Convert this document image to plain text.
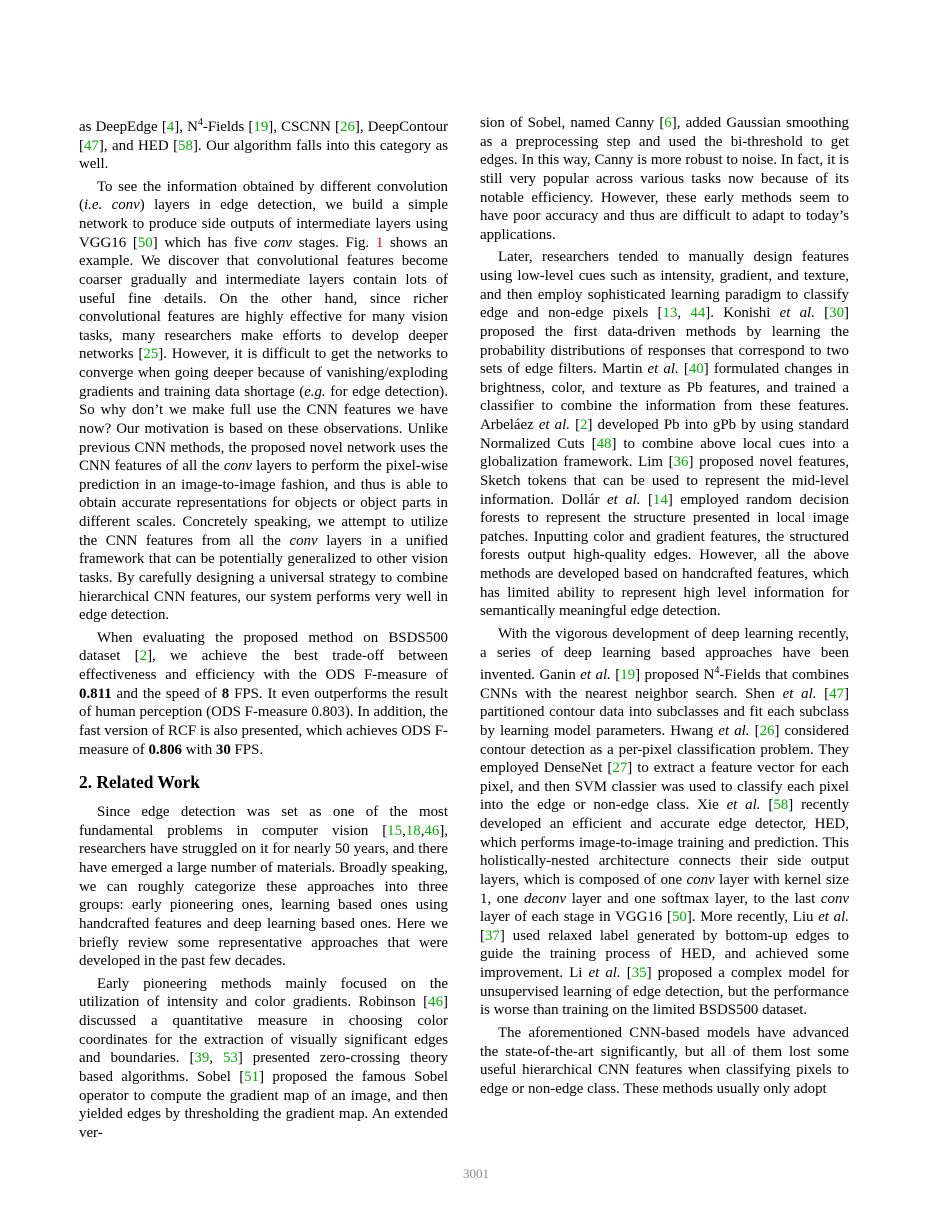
as DeepEdge [4], $N^4$-Fields [19], CSCNN [26], DeepContour [47], and HED [58]. Our algorithm falls into this category as well.

To see the information obtained by different convolution (i.e. conv) layers in edge detection, we build a simple network to produce side outputs of intermediate layers using VGG16 [50] which has five conv stages. Fig. 1 shows an example. We discover that convolutional features become coarser gradually and intermediate layers contain lots of useful fine details. On the other hand, since richer convolutional features are highly effective for many vision tasks, many researchers make efforts to develop deeper networks [25]. However, it is difficult to get the networks to converge when going deeper because of vanishing/exploding gradients and training data shortage (e.g. for edge detection). So why don’t we make full use the CNN features we have now? Our motivation is based on these observations. Unlike previous CNN methods, the proposed novel network uses the CNN features of all the conv layers to perform the pixel-wise prediction in an image-to-image fashion, and thus is able to obtain accurate representations for objects or object parts in different scales. Concretely speaking, we attempt to utilize the CNN features from all the conv layers in a unified framework that can be potentially generalized to other vision tasks. By carefully designing a universal strategy to combine hierarchical CNN features, our system performs very well in edge detection.

When evaluating the proposed method on BSDS500 dataset [2], we achieve the best trade-off between effectiveness and efficiency with the ODS F-measure of 0.811 and the speed of 8 FPS. It even outperforms the result of human perception (ODS F-measure 0.803). In addition, the fast version of RCF is also presented, which achieves ODS F-measure of 0.806 with 30 FPS.

2. Related Work

Since edge detection was set as one of the most fundamental problems in computer vision [15,18,46], researchers have struggled on it for nearly 50 years, and there have emerged a large number of materials. Broadly speaking, we can roughly categorize these approaches into three groups: early pioneering ones, learning based ones using handcrafted features and deep learning based ones. Here we briefly review some representative approaches that were developed in the past few decades.

Early pioneering methods mainly focused on the utilization of intensity and color gradients. Robinson [46] discussed a quantitative measure in choosing color coordinates for the extraction of visually significant edges and boundaries. [39, 53] presented zero-crossing theory based algorithms. Sobel [51] proposed the famous Sobel operator to compute the gradient map of an image, and then yielded edges by thresholding the gradient map. An extended ver-

sion of Sobel, named Canny [6], added Gaussian smoothing as a preprocessing step and used the bi-threshold to get edges. In this way, Canny is more robust to noise. In fact, it is still very popular across various tasks now because of its notable efficiency. However, these early methods seem to have poor accuracy and thus are difficult to adapt to today’s applications.

Later, researchers tended to manually design features using low-level cues such as intensity, gradient, and texture, and then employ sophisticated learning paradigm to classify edge and non-edge pixels [13, 44]. Konishi et al. [30] proposed the first data-driven methods by learning the probability distributions of responses that correspond to two sets of edge filters. Martin et al. [40] formulated changes in brightness, color, and texture as Pb features, and trained a classifier to combine the information from these features. Arbeláez et al. [2] developed Pb into gPb by using standard Normalized Cuts [48] to combine above local cues into a globalization framework. Lim [36] proposed novel features, Sketch tokens that can be used to represent the mid-level information. Dollár et al. [14] employed random decision forests to represent the structure presented in local image patches. Inputting color and gradient features, the structured forests output high-quality edges. However, all the above methods are developed based on handcrafted features, which has limited ability to represent high level information for semantically meaningful edge detection.

With the vigorous development of deep learning recently, a series of deep learning based approaches have been invented. Ganin et al. [19] proposed $N^4$-Fields that combines CNNs with the nearest neighbor search. Shen et al. [47] partitioned contour data into subclasses and fit each subclass by learning model parameters. Hwang et al. [26] considered contour detection as a per-pixel classification problem. They employed DenseNet [27] to extract a feature vector for each pixel, and then SVM classier was used to classify each pixel into the edge or non-edge class. Xie et al. [58] recently developed an efficient and accurate edge detector, HED, which performs image-to-image training and prediction. This holistically-nested architecture connects their side output layers, which is composed of one conv layer with kernel size 1, one deconv layer and one softmax layer, to the last conv layer of each stage in VGG16 [50]. More recently, Liu et al. [37] used relaxed label generated by bottom-up edges to guide the training process of HED, and achieved some improvement. Li et al. [35] proposed a complex model for unsupervised learning of edge detection, but the performance is worse than training on the limited BSDS500 dataset.

The aforementioned CNN-based models have advanced the state-of-the-art significantly, but all of them lost some useful hierarchical CNN features when classifying pixels to edge or non-edge class. These methods usually only adopt

3001
